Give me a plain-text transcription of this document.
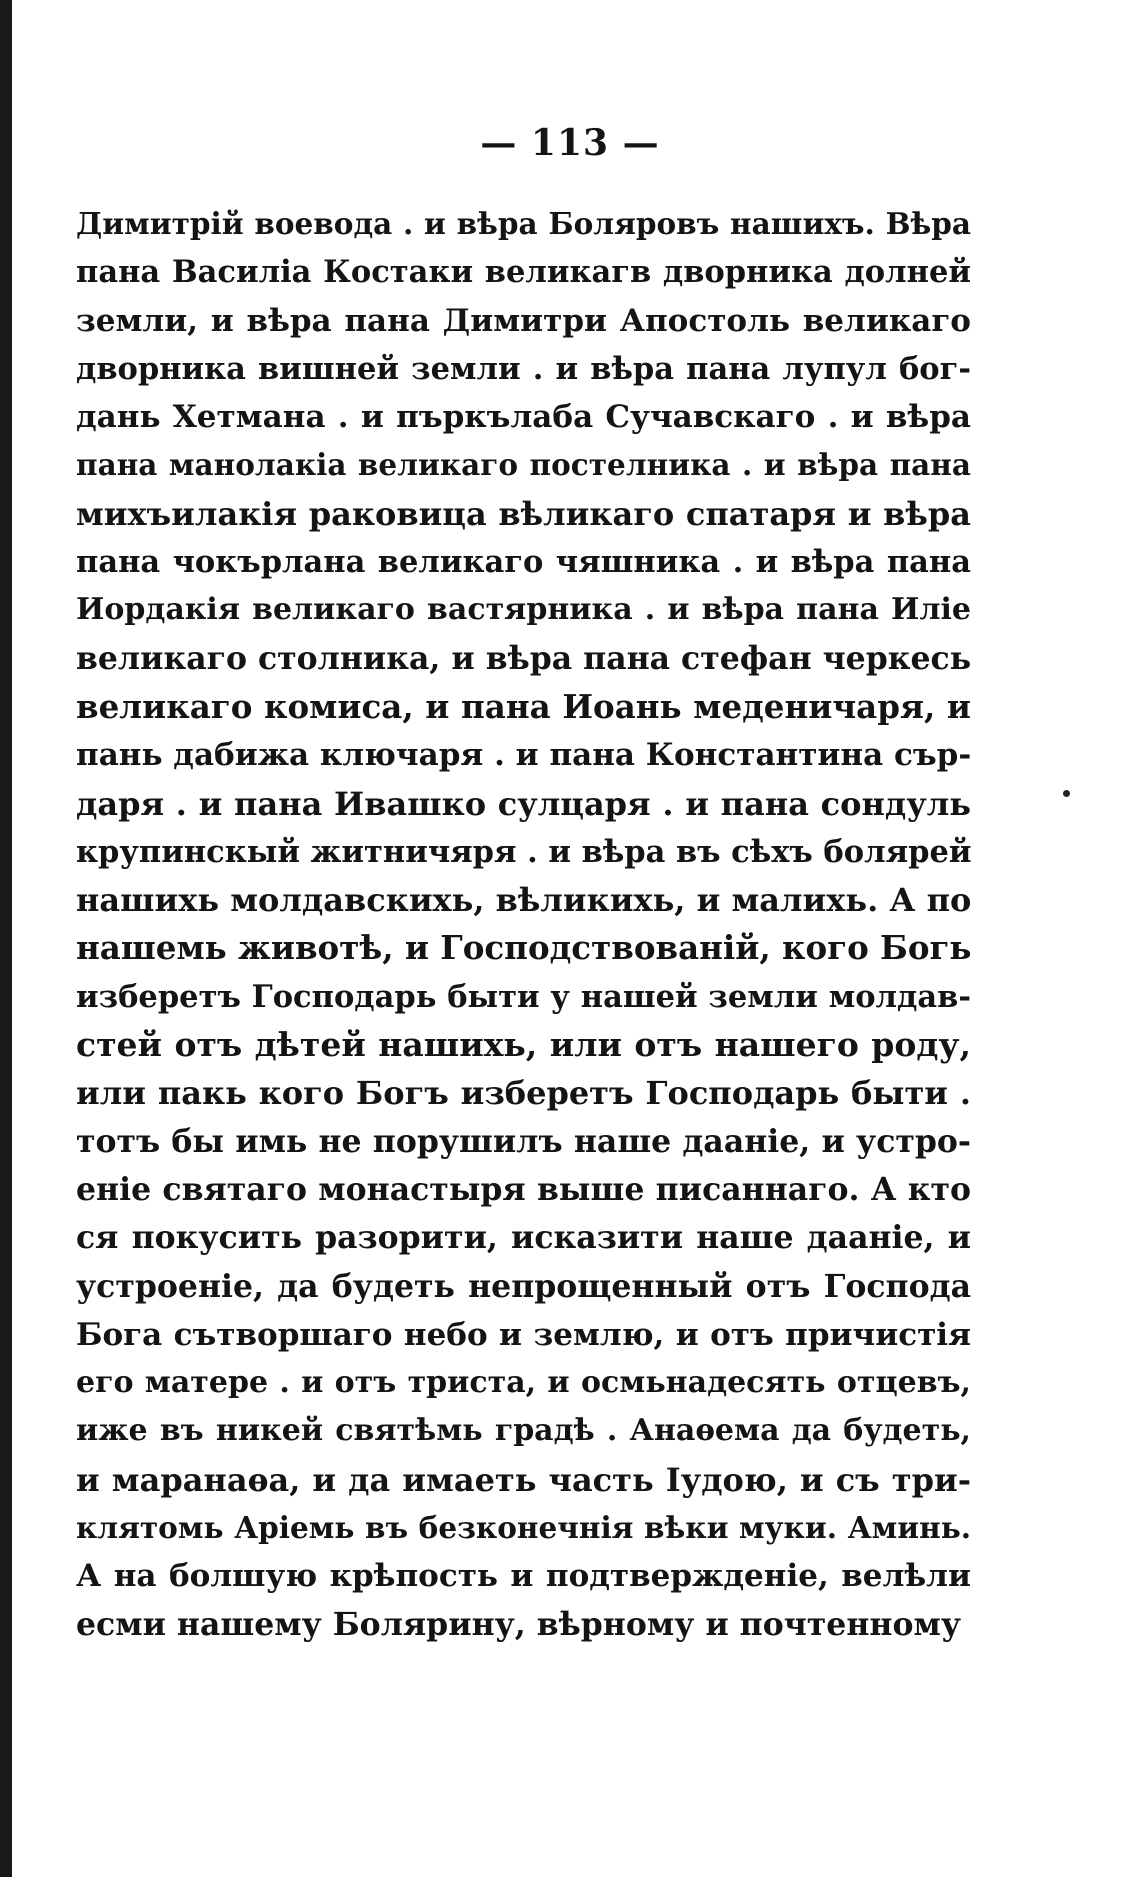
— 113 —
Димитрій воевода . и вѣра Боляровъ нашихъ. Вѣра
пана Василіа Костаки великагв дворника долней
земли, и вѣра пана Димитри Апостоль великаго
дворника вишней земли . и вѣра пана лупул бог-
дань Хетмана . и пъркълаба Сучавскаго . и вѣра
пана манолакіа великаго постелника . и вѣра пана
михъилакія раковица вѣликаго спатаря и вѣра
пана чокърлана великаго чяшника . и вѣра пана
Иордакія великаго вастярника . и вѣра пана Иліе
великаго столника, и вѣра пана стефан черкесь
великаго комиса, и пана Иоань меденичаря, и
пань дабижа ключаря . и пана Константина сър-
даря . и пана Ивашко сулцаря . и пана сондуль
крупинскый житничяря . и вѣра въ сѣхъ болярей
нашихь молдавскихь, вѣликихь, и малихь. А по
нашемь животѣ, и Господствованій, кого Богь
изберетъ Господарь быти у нашей земли молдав-
стей отъ дѣтей нашихь, или отъ нашего роду,
или пакь кого Богъ изберетъ Господарь быти .
тотъ бы имь не порушилъ наше дааніе, и устро-
еніе святаго монастыря выше писаннаго. А кто
ся покусить разорити, исказити наше дааніе, и
устроеніе, да будеть непрощенный отъ Господа
Бога сътворшаго небо и землю, и отъ причистія
его матере . и отъ триста, и осмьнадесять отцевъ,
иже въ никей святѣмь градѣ . Анаѳема да будеть,
и маранаѳа, и да имаеть часть Іудою, и съ три-
клятомь Аріемь въ безконечнія вѣки муки. Аминь.
А на болшую крѣпость и подтвержденіе, велѣли
есми нашему Болярину, вѣрному и почтенному
